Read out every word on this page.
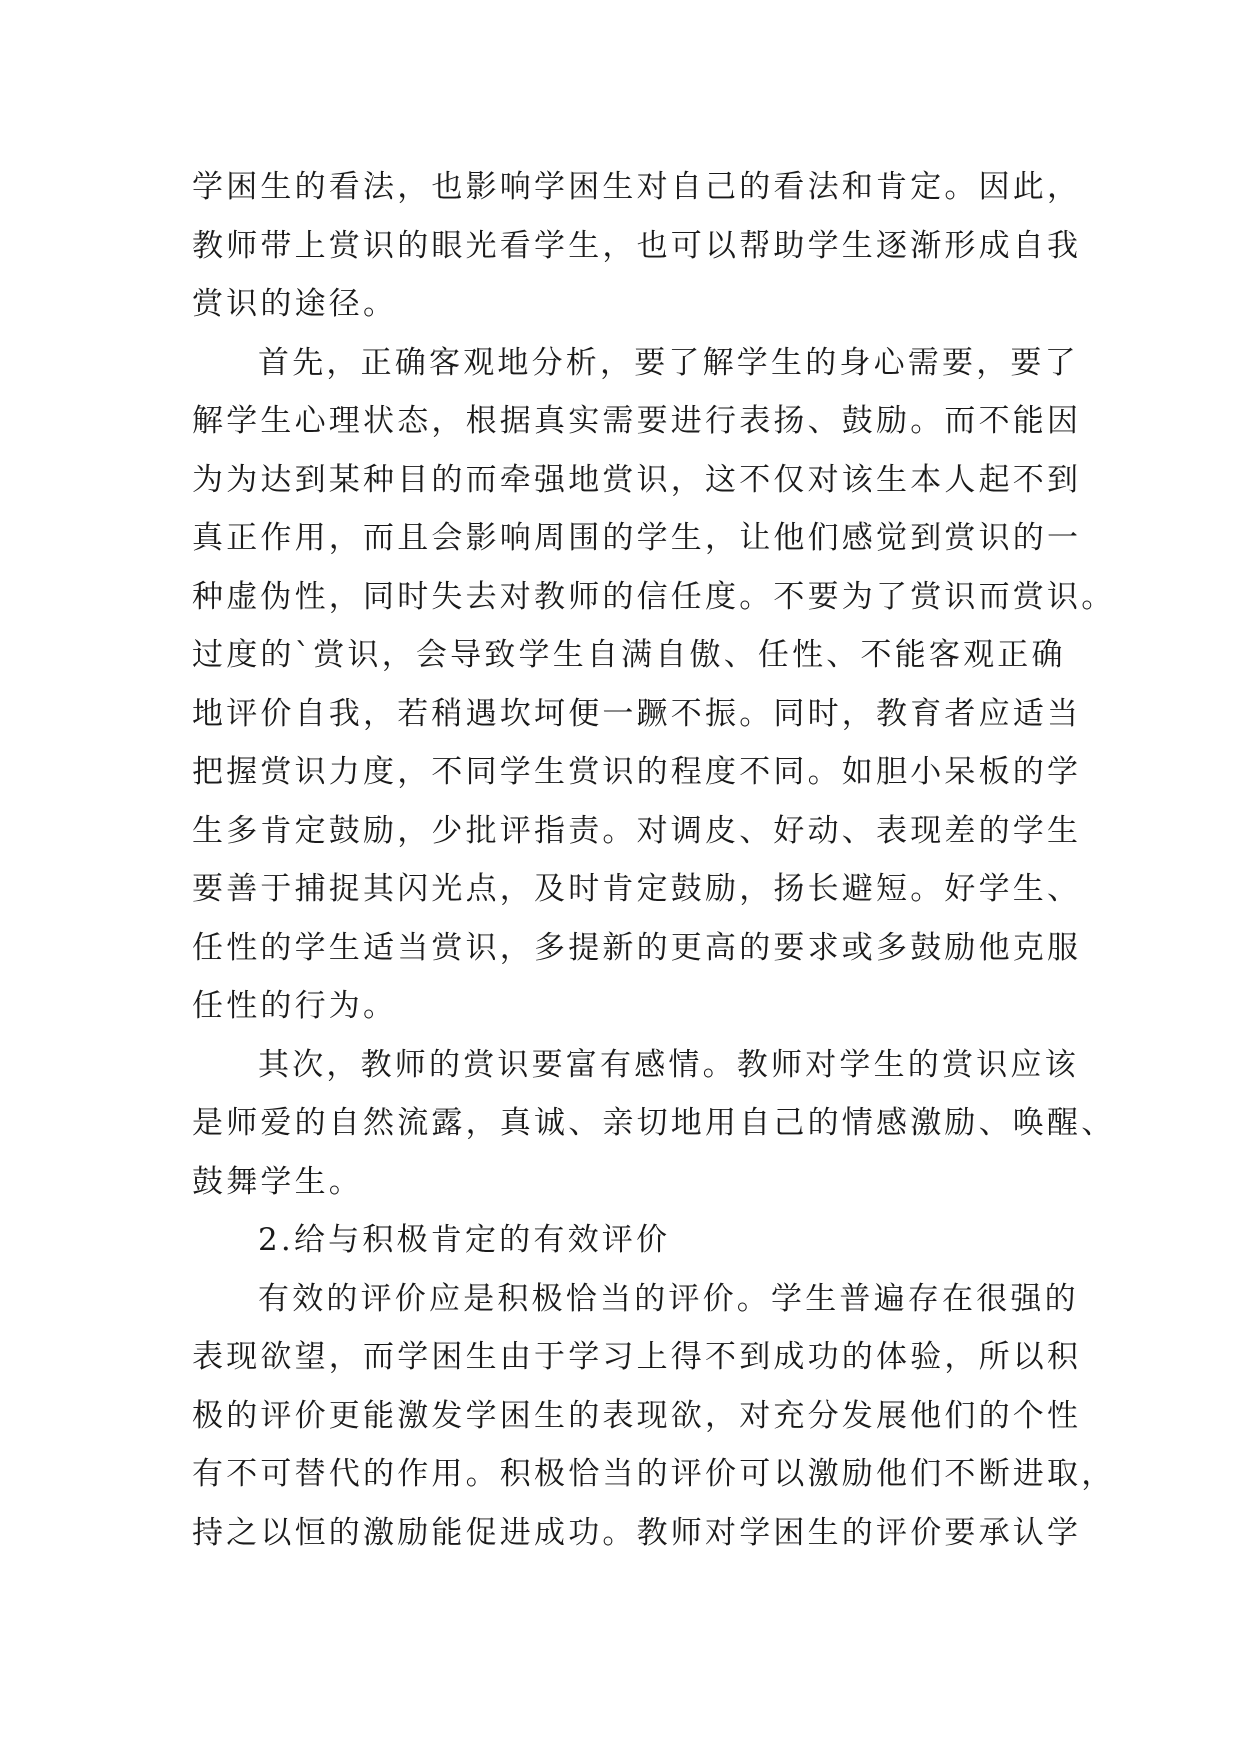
学困生的看法，也影响学困生对自己的看法和肯定。因此，
教师带上赏识的眼光看学生，也可以帮助学生逐渐形成自我
赏识的途径。
首先，正确客观地分析，要了解学生的身心需要，要了
解学生心理状态，根据真实需要进行表扬、鼓励。而不能因
为为达到某种目的而牵强地赏识，这不仅对该生本人起不到
真正作用，而且会影响周围的学生，让他们感觉到赏识的一
种虚伪性，同时失去对教师的信任度。不要为了赏识而赏识。
过度的`赏识，会导致学生自满自傲、任性、不能客观正确
地评价自我，若稍遇坎坷便一蹶不振。同时，教育者应适当
把握赏识力度，不同学生赏识的程度不同。如胆小呆板的学
生多肯定鼓励，少批评指责。对调皮、好动、表现差的学生
要善于捕捉其闪光点，及时肯定鼓励，扬长避短。好学生、
任性的学生适当赏识，多提新的更高的要求或多鼓励他克服
任性的行为。
其次，教师的赏识要富有感情。教师对学生的赏识应该
是师爱的自然流露，真诚、亲切地用自己的情感激励、唤醒、
鼓舞学生。
2.给与积极肯定的有效评价
有效的评价应是积极恰当的评价。学生普遍存在很强的
表现欲望，而学困生由于学习上得不到成功的体验，所以积
极的评价更能激发学困生的表现欲，对充分发展他们的个性
有不可替代的作用。积极恰当的评价可以激励他们不断进取，
持之以恒的激励能促进成功。教师对学困生的评价要承认学
